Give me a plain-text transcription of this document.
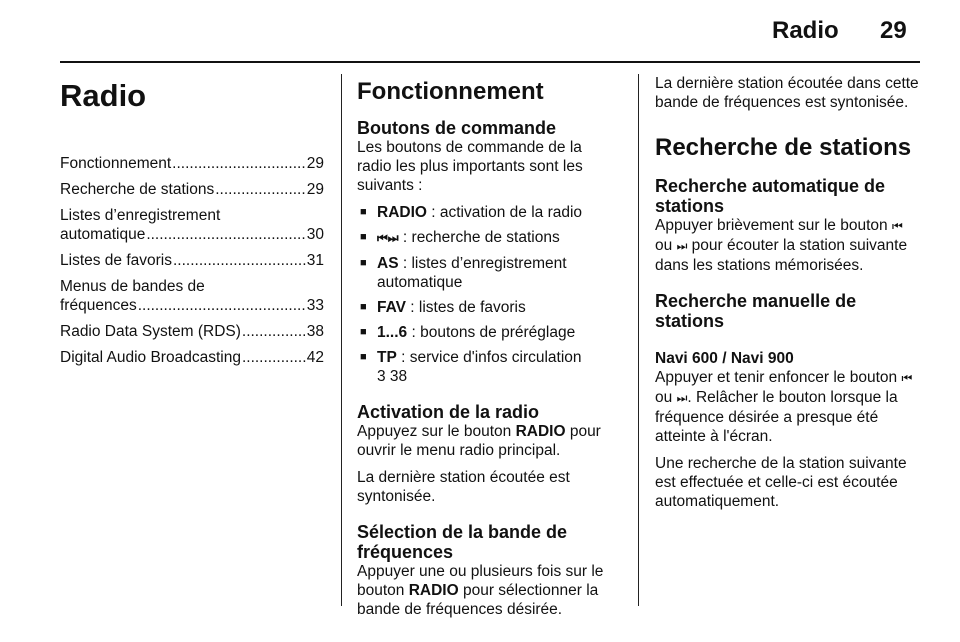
Radio 29
Radio
Fonctionnement .....	29
Recherche de stations .....	29
Listes d’enregistrement
automatique .....	30
Listes de favoris .....	31
Menus de bandes de
fréquences .....	33
Radio Data System (RDS) .....	38
Digital Audio Broadcasting .....	42
Fonctionnement
Boutons de commande

Les boutons de commande de la radio les plus importants sont les suivants :

■ RADIO : activation de la radio
■ ⏮⏭ : recherche de stations
■ AS : listes d’enregistrement automatique
■ FAV : listes de favoris
■ 1...6 : boutons de préréglage
■ TP : service d'infos circulation
3 38
Activation de la radio

Appuyez sur le bouton RADIO pour ouvrir le menu radio principal.

La dernière station écoutée est syntonisée.

Sélection de la bande de fréquences

Appuyer une ou plusieurs fois sur le bouton RADIO pour sélectionner la bande de fréquences désirée.

La dernière station écoutée dans cette bande de fréquences est syntonisée.

Recherche de stations
Recherche automatique de stations

Appuyer brièvement sur le bouton ⏮ ou ⏭ pour écouter la station suivante dans les stations mémorisées.

Recherche manuelle de stations
Navi 600 / Navi 900

Appuyer et tenir enfoncer le bouton ⏮ ou ⏭. Relâcher le bouton lorsque la fréquence désirée a presque été atteinte à l'écran.

Une recherche de la station suivante est effectuée et celle-ci est écoutée automatiquement.
